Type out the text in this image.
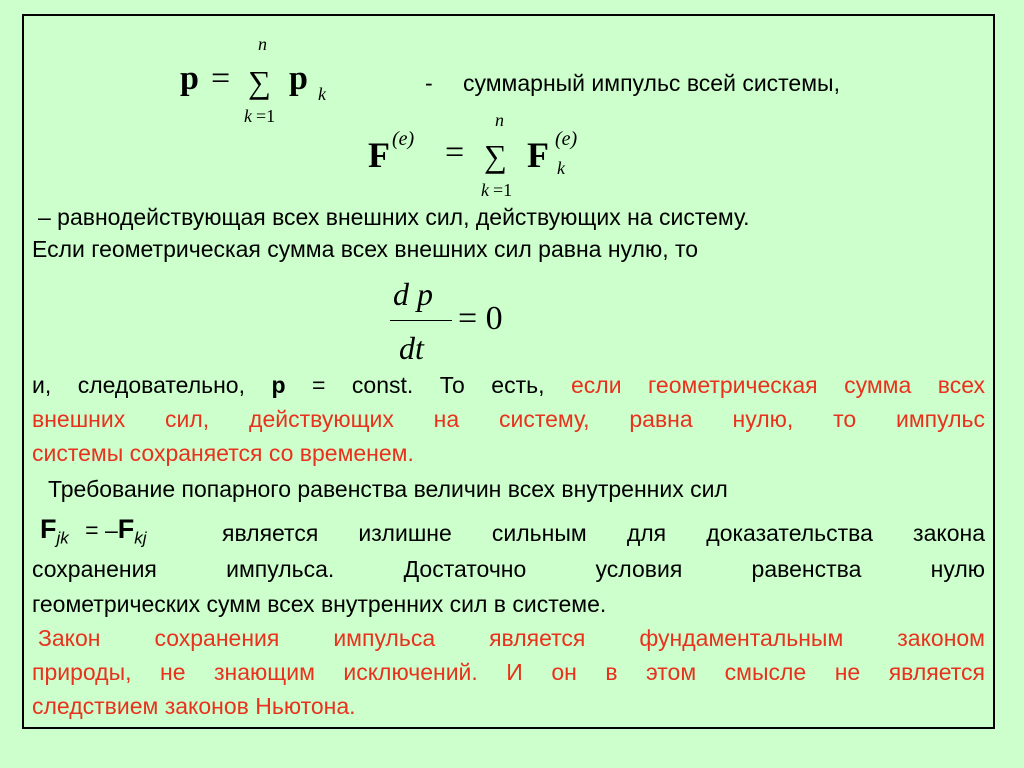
p = ∑
n
k =1
p k	- суммарный импульс всей системы,
F (e) = ∑
n
k =1
F (e)
k
– равнодействующая всех внешних сил, действующих на систему.
Если геометрическая сумма всех внешних сил равна нулю, то
d p
dt
= 0
и, следовательно, р = const. То есть, если геометрическая сумма всех
внешних сил, действующих на систему, равна нулю, то импульс
системы сохраняется со временем.
Требование попарного равенства величин всех внутренних сил
$F_{jk} = -F_{kj}$	является излишне сильным для доказательства закона
сохранения импульса. Достаточно условия равенства нулю
геометрических сумм всех внутренних сил в системе.
Закон сохранения импульса является фундаментальным законом
природы, не знающим исключений. И он в этом смысле не является
следствием законов Ньютона.
